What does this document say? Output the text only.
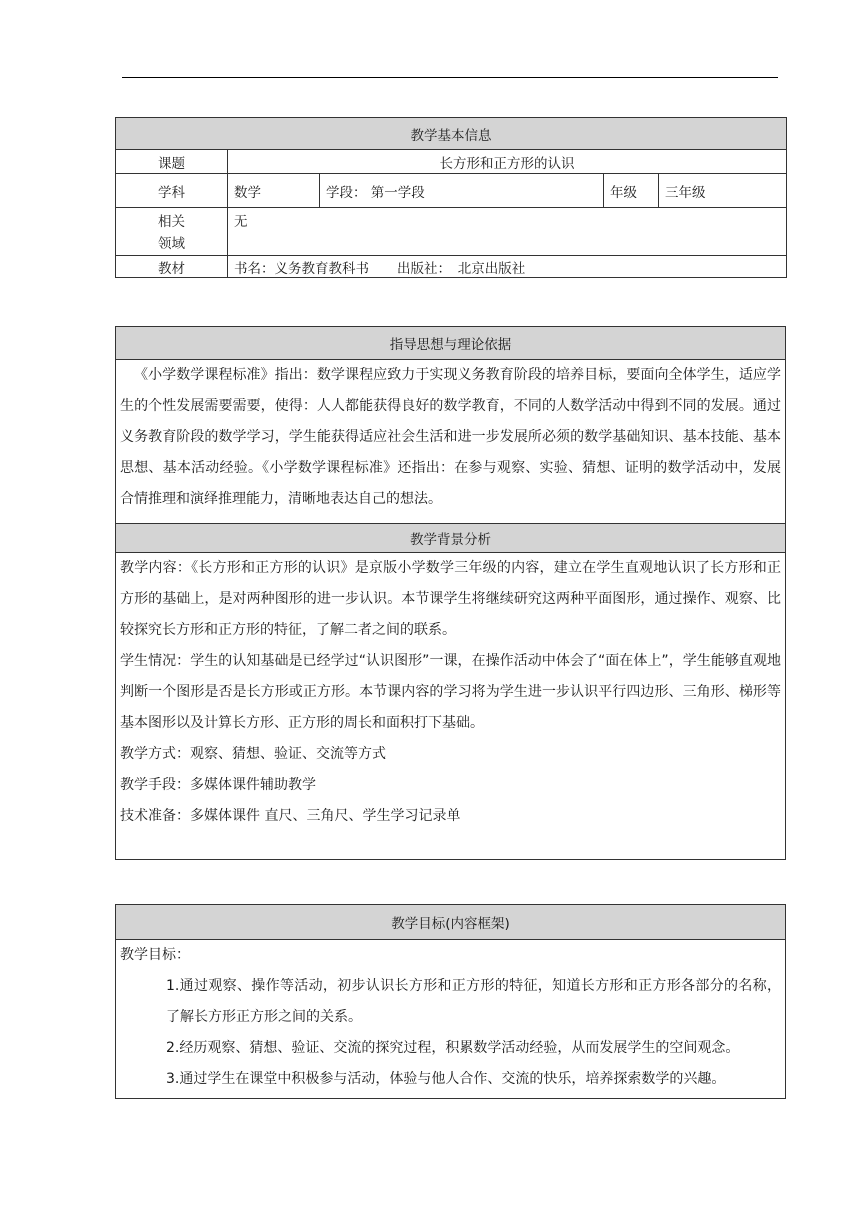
教学基本信息				
课题	长方形和正方形的认识			
学科	数学	学段： 第一学段	年级	三年级

相关
领域	无			
教材	书名：义务教育教科书 出版社：　北京出版社			
指导思想与理论依据

《小学数学课程标准》指出：数学课程应致力于实现义务教育阶段的培养目标，要面向全体学生，适应学生的个性发展需要需要，使得：人人都能获得良好的数学教育，不同的人数学活动中得到不同的发展。通过义务教育阶段的数学学习，学生能获得适应社会生活和进一步发展所必须的数学基础知识、基本技能、基本思想、基本活动经验。《小学数学课程标准》还指出：在参与观察、实验、猜想、证明的数学活动中，发展合情推理和演绎推理能力，清晰地表达自己的想法。

教学背景分析

教学内容：《长方形和正方形的认识》是京版小学数学三年级的内容，建立在学生直观地认识了长方形和正方形的基础上，是对两种图形的进一步认识。本节课学生将继续研究这两种平面图形，通过操作、观察、比较探究长方形和正方形的特征，了解二者之间的联系。

学生情况：学生的认知基础是已经学过“认识图形”一课，在操作活动中体会了“面在体上”，学生能够直观地判断一个图形是否是长方形或正方形。本节课内容的学习将为学生进一步认识平行四边形、三角形、梯形等基本图形以及计算长方形、正方形的周长和面积打下基础。

教学方式：观察、猜想、验证、交流等方式

教学手段：多媒体课件辅助教学

技术准备：多媒体课件 直尺、三角尺、学生学习记录单

教学目标(内容框架)

教学目标：

1.通过观察、操作等活动，初步认识长方形和正方形的特征，知道长方形和正方形各部分的名称，了解长方形正方形之间的关系。

2.经历观察、猜想、验证、交流的探究过程，积累数学活动经验，从而发展学生的空间观念。

3.通过学生在课堂中积极参与活动，体验与他人合作、交流的快乐，培养探索数学的兴趣。
